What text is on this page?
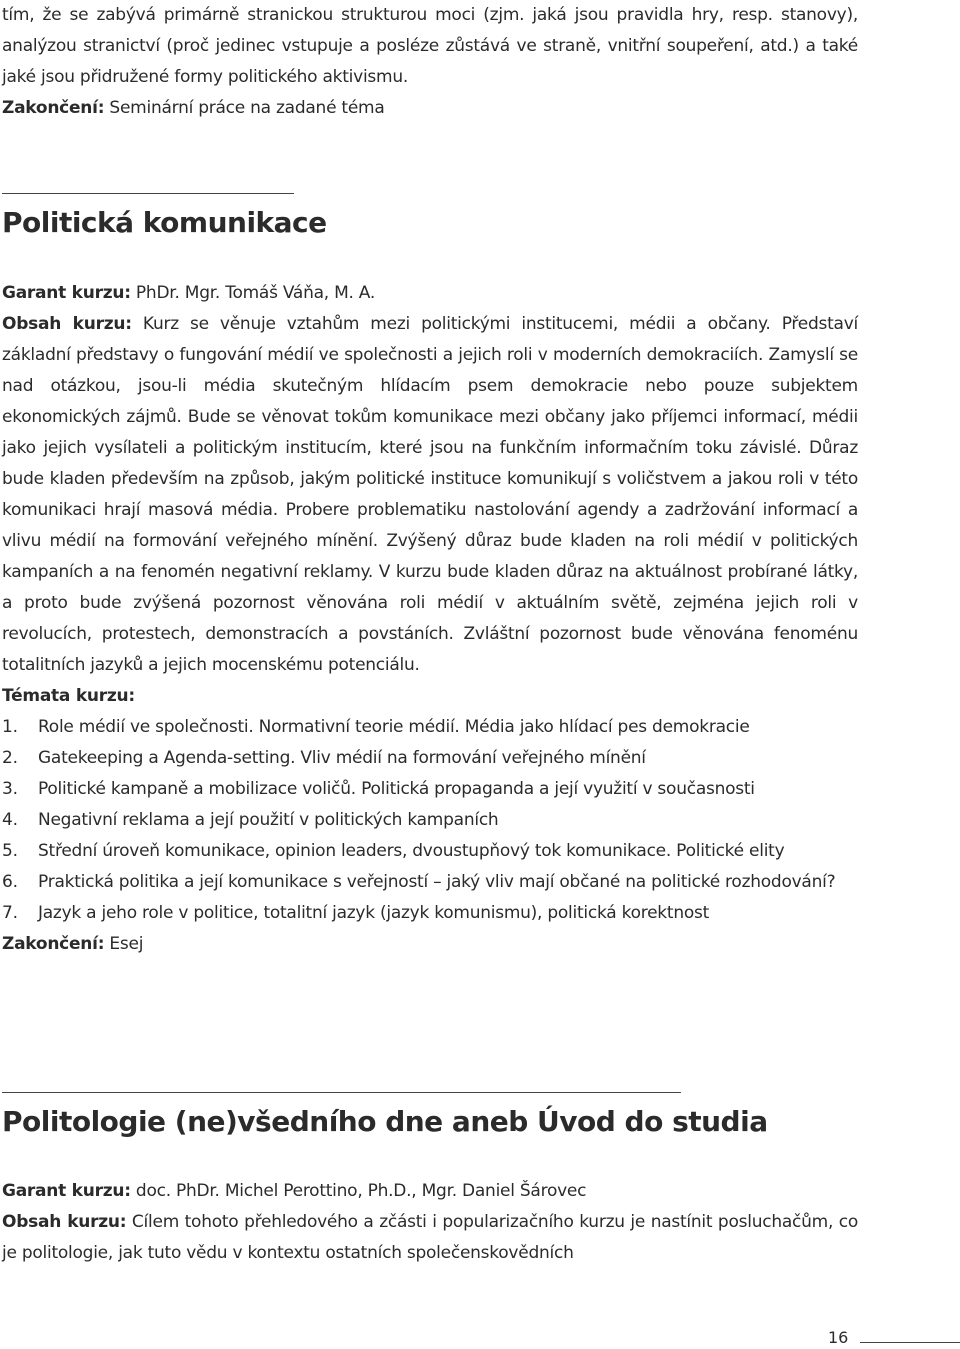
tím, že se zabývá primárně stranickou strukturou moci (zjm. jaká jsou pravidla hry, resp. stanovy), analýzou stranictví (proč jedinec vstupuje a posléze zůstává ve straně, vnitřní soupeření, atd.) a také jaké jsou přidružené formy politického aktivismu.

Zakončení: Seminární práce na zadané téma

Politická komunikace

Garant kurzu: PhDr. Mgr. Tomáš Váňa, M. A.

Obsah kurzu: Kurz se věnuje vztahům mezi politickými institucemi, médii a občany. Představí základní představy o fungování médií ve společnosti a jejich roli v moderních demokraciích. Zamyslí se nad otázkou, jsou-li média skutečným hlídacím psem demokracie nebo pouze subjektem ekonomických zájmů. Bude se věnovat tokům komunikace mezi občany jako příjemci informací, médii jako jejich vysílateli a politickým institucím, které jsou na funkčním informačním toku závislé. Důraz bude kladen především na způsob, jakým politické instituce komunikují s voličstvem a jakou roli v této komunikaci hrají masová média. Probere problematiku nastolování agendy a zadržování informací a vlivu médií na formování veřejného mínění. Zvýšený důraz bude kladen na roli médií v politických kampaních a na fenomén negativní reklamy. V kurzu bude kladen důraz na aktuálnost probírané látky, a proto bude zvýšená pozornost věnována roli médií v aktuálním světě, zejména jejich roli v revolucích, protestech, demonstracích a povstáních. Zvláštní pozornost bude věnována fenoménu totalitních jazyků a jejich mocenskému potenciálu.

Témata kurzu:

1.	Role médií ve společnosti. Normativní teorie médií. Média jako hlídací pes demokracie
2.	Gatekeeping a Agenda-setting. Vliv médií na formování veřejného mínění
3.	Politické kampaně a mobilizace voličů. Politická propaganda a její využití v současnosti
4.	Negativní reklama a její použití v politických kampaních
5.	Střední úroveň komunikace, opinion leaders, dvoustupňový tok komunikace. Politické elity
6.	Praktická politika a její komunikace s veřejností – jaký vliv mají občané na politické rozhodování?
7.	Jazyk a jeho role v politice, totalitní jazyk (jazyk komunismu), politická korektnost

Zakončení: Esej

Politologie (ne)všedního dne aneb Úvod do studia

Garant kurzu: doc. PhDr. Michel Perottino, Ph.D., Mgr. Daniel Šárovec

Obsah kurzu: Cílem tohoto přehledového a zčásti i popularizačního kurzu je nastínit posluchačům, co je politologie, jak tuto vědu v kontextu ostatních společenskovědních

16
